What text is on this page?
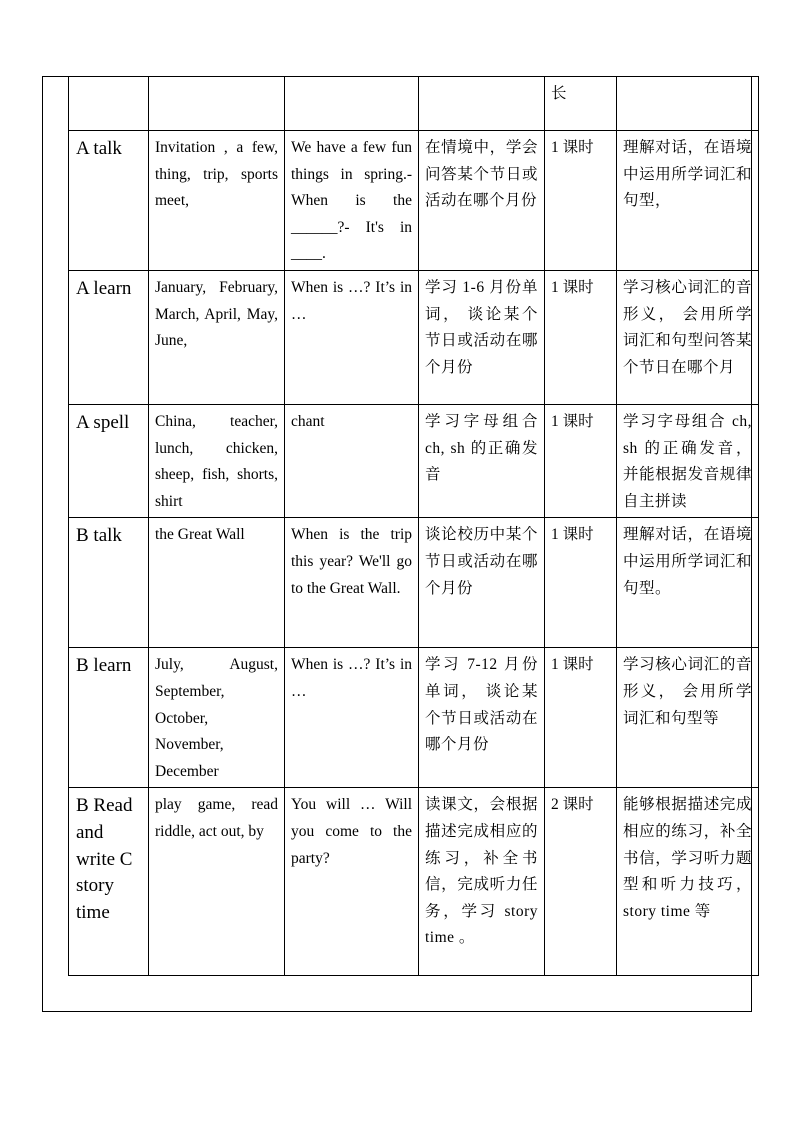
				长	
A talk	Invitation , a few, thing, trip, sports meet,	We have a few fun things in spring.-When is the ______?- It's in ____.	在情境中，学会问答某个节日或活动在哪个月份	1 课时	理解对话，在语境中运用所学词汇和句型，
A learn	January, February, March, April, May, June,	When is …? It’s in …	学习 1-6 月份单词， 谈论某个节日或活动在哪个月份	1 课时	学习核心词汇的音形义， 会用所学词汇和句型问答某个节日在哪个月
A spell	China, teacher, lunch, chicken, sheep, fish, shorts, shirt	chant	学习字母组合 ch, sh 的正确发音	1 课时	学习字母组合 ch, sh 的正确发音，并能根据发音规律自主拼读
B talk	the Great Wall	When is the trip this year? We'll go to the Great Wall.	谈论校历中某个节日或活动在哪个月份	1 课时	理解对话，在语境中运用所学词汇和句型。
B learn	July, August, September, October, November, December	When is …? It’s in …	学习 7-12 月份单词， 谈论某个节日或活动在哪个月份	1 课时	学习核心词汇的音形义， 会用所学词汇和句型等
B Read and write C story time	play game, read riddle, act out, by	You will … Will you come to the party?	读课文，会根据描述完成相应的练习，补全书信，完成听力任务，学习 story time 。	2 课时	能够根据描述完成相应的练习，补全书信，学习听力题型和听力技巧，story time 等
